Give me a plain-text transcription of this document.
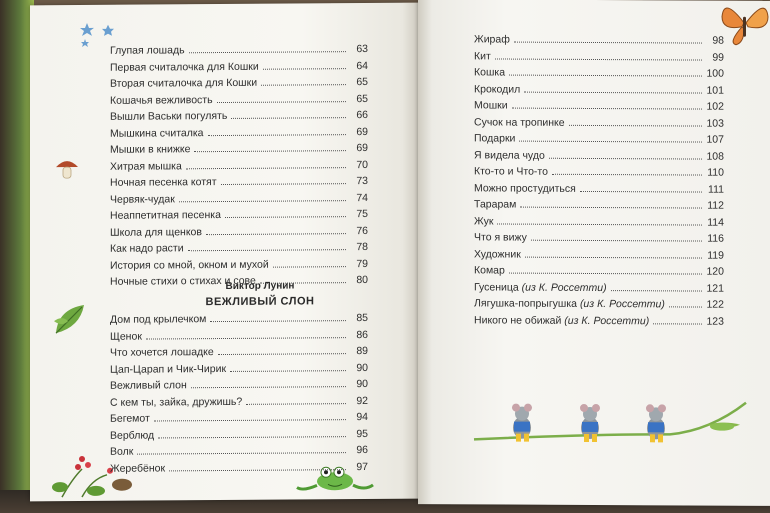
Глупая лошадь	63
Первая считалочка для Кошки	64
Вторая считалочка для Кошки	65
Кошачья вежливость	65
Вышли Васьки погулять	66
Мышкина считалка	69
Мышки в книжке	69
Хитрая мышка	70
Ночная песенка котят	73
Червяк-чудак	74
Неаппетитная песенка	75
Школа для щенков	76
Как надо расти	78
История со мной, окном и мухой	79
Ночные стихи о стихах и сове	80
Виктор Лунин
ВЕЖЛИВЫЙ СЛОН
Дом под крылечком	85
Щенок	86
Что хочется лошадке	89
Цап-Царап и Чик-Чирик	90
Вежливый слон	90
С кем ты, зайка, дружишь?	92
Бегемот	94
Верблюд	95
Волк	96
Жеребёнок	97
Жираф	98
Кит	99
Кошка	100
Крокодил	101
Мошки	102
Сучок на тропинке	103
Подарки	107
Я видела чудо	108
Кто-то и Что-то	110
Можно простудиться	111
Тарарам	112
Жук	114
Что я вижу	116
Художник	119
Комар	120
Гусеница (из К. Россетти)	121
Лягушка-попрыгушка (из К. Россетти)	122
Никого не обижай (из К. Россетти)	123
